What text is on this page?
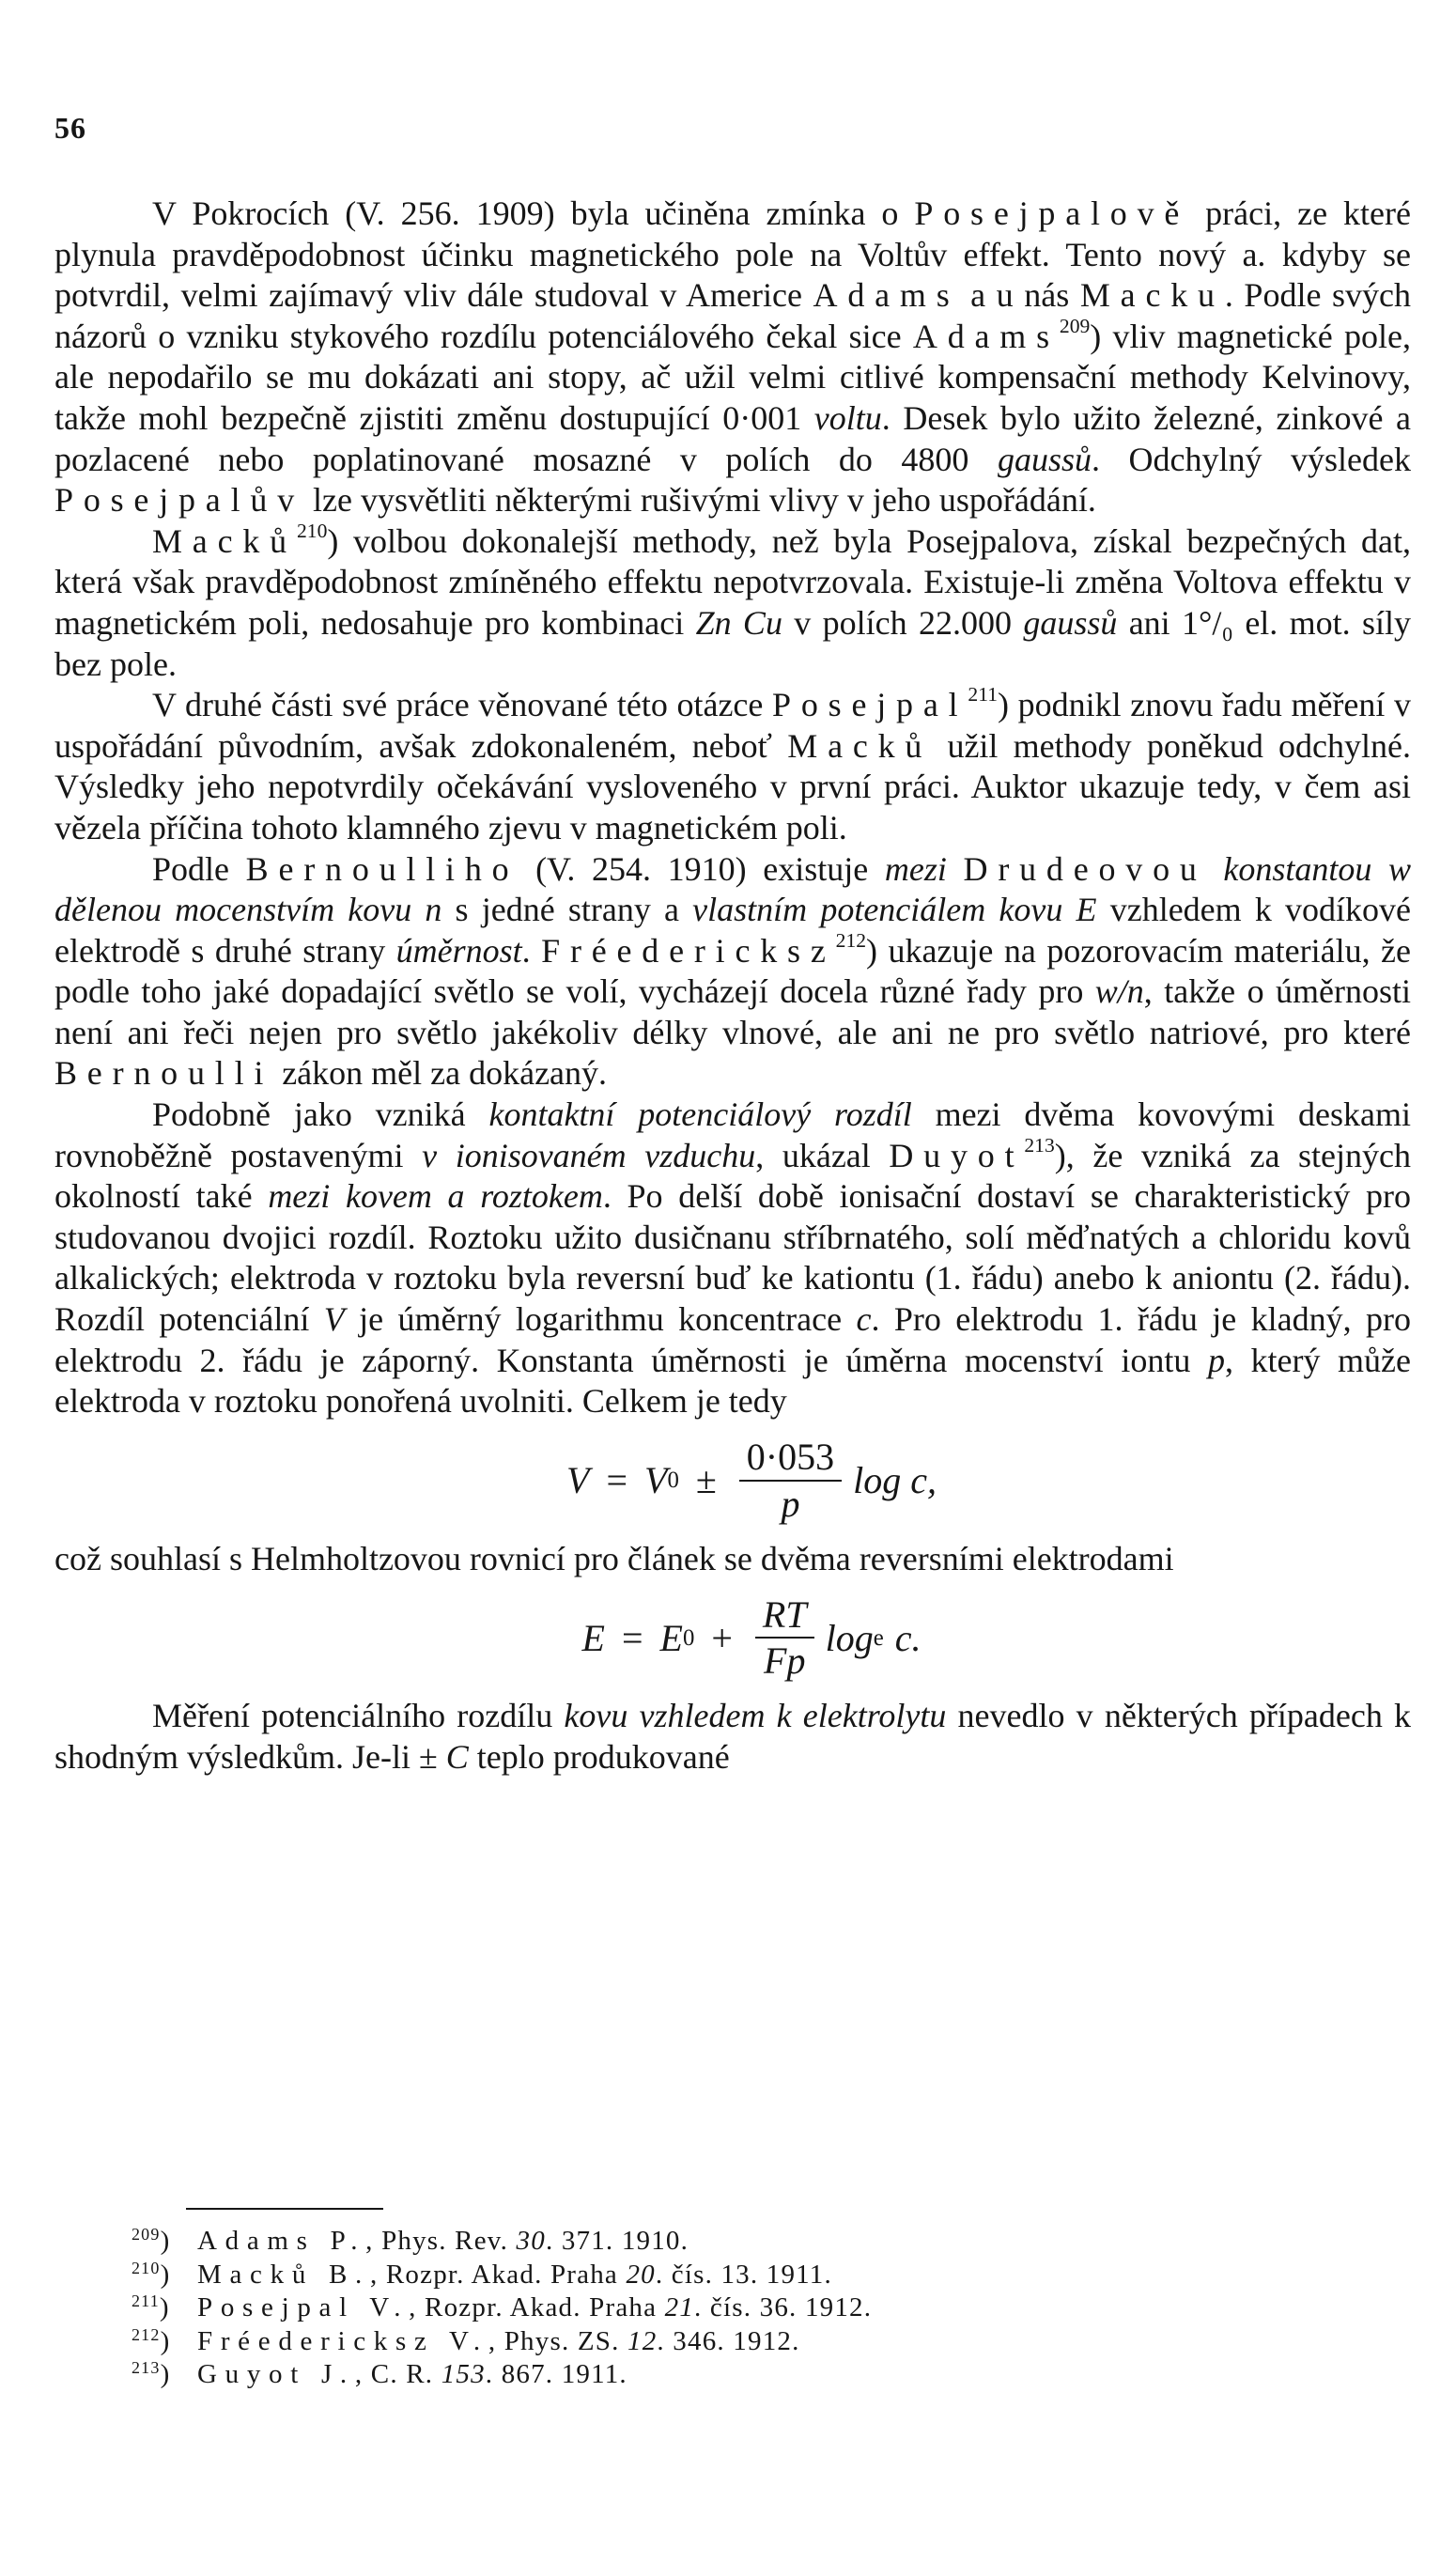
56

V Pokrocích (V. 256. 1909) byla učiněna zmínka o Posejpalově práci, ze které plynula pravděpodobnost účinku magnetického pole na Voltův effekt. Tento nový a. kdyby se potvrdil, velmi zajímavý vliv dále studoval v Americe Adams a u nás Macku. Podle svých názorů o vzniku stykového rozdílu potenciálového čekal sice Adams$^{209}$) vliv magnetické pole, ale nepodařilo se mu dokázati ani stopy, ač užil velmi citlivé kompensační methody Kelvinovy, takže mohl bezpečně zjistiti změnu dostupující 0·001 voltu. Desek bylo užito železné, zinkové a pozlacené nebo poplatinované mosazné v polích do 4800 gaussů. Odchylný výsledek Posejpalův lze vysvětliti některými rušivými vlivy v jeho uspořádání.

Macků$^{210}$) volbou dokonalejší methody, než byla Posejpalova, získal bezpečných dat, která však pravděpodobnost zmíněného effektu nepotvrzovala. Existuje-li změna Voltova effektu v magnetickém poli, nedosahuje pro kombinaci Zn Cu v polích 22.000 gaussů ani 1°/₀ el. mot. síly bez pole.

V druhé části své práce věnované této otázce Posejpal$^{211}$) podnikl znovu řadu měření v uspořádání původním, avšak zdokonaleném, neboť Macků užil methody poněkud odchylné. Výsledky jeho nepotvrdily očekávání vysloveného v první práci. Auktor ukazuje tedy, v čem asi vězela příčina tohoto klamného zjevu v magnetickém poli.

Podle Bernoulliho (V. 254. 1910) existuje mezi Drudeovou konstantou w dělenou mocenstvím kovu n s jedné strany a vlastním potenciálem kovu E vzhledem k vodíkové elektrodě s druhé strany úměrnost. Fréedericksz$^{212}$) ukazuje na pozorovacím materiálu, že podle toho jaké dopadající světlo se volí, vycházejí docela různé řady pro w/n, takže o úměrnosti není ani řeči nejen pro světlo jakékoliv délky vlnové, ale ani ne pro světlo natriové, pro které Bernoulli zákon měl za dokázaný.

Podobně jako vzniká kontaktní potenciálový rozdíl mezi dvěma kovovými deskami rovnoběžně postavenými v ionisovaném vzduchu, ukázal Duyot$^{213}$), že vzniká za stejných okolností také mezi kovem a roztokem. Po delší době ionisační dostaví se charakteristický pro studovanou dvojici rozdíl. Roztoku užito dusičnanu stříbrnatého, solí měďnatých a chloridu kovů alkalických; elektroda v roztoku byla reversní buď ke kationtu (1. řádu) anebo k aniontu (2. řádu). Rozdíl potenciální V je úměrný logarithmu koncentrace c. Pro elektrodu 1. řádu je kladný, pro elektrodu 2. řádu je záporný. Konstanta úměrnosti je úměrna mocenství iontu p, který může elektroda v roztoku ponořená uvolniti. Celkem je tedy

V = V $0 \pm \frac{0\cdot 053}{p}$ log c,

což souhlasí s Helmholtzovou rovnicí pro článek se dvěma reversními elektrodami

E = E $0 + \frac{RT}{Fp}$ log e c.

Měření potenciálního rozdílu kovu vzhledem k elektrolytu nevedlo v některých případech k shodným výsledkům. Je-li ± C teplo produkované

$^{209}$) Adams P., Phys. Rev. 30. 371. 1910.
$^{210}$) Macků B., Rozpr. Akad. Praha 20. čís. 13. 1911.
$^{211}$) Posejpal V., Rozpr. Akad. Praha 21. čís. 36. 1912.
$^{212}$) Fréedericksz V., Phys. ZS. 12. 346. 1912.
$^{213}$) Guyot J., C. R. 153. 867. 1911.
